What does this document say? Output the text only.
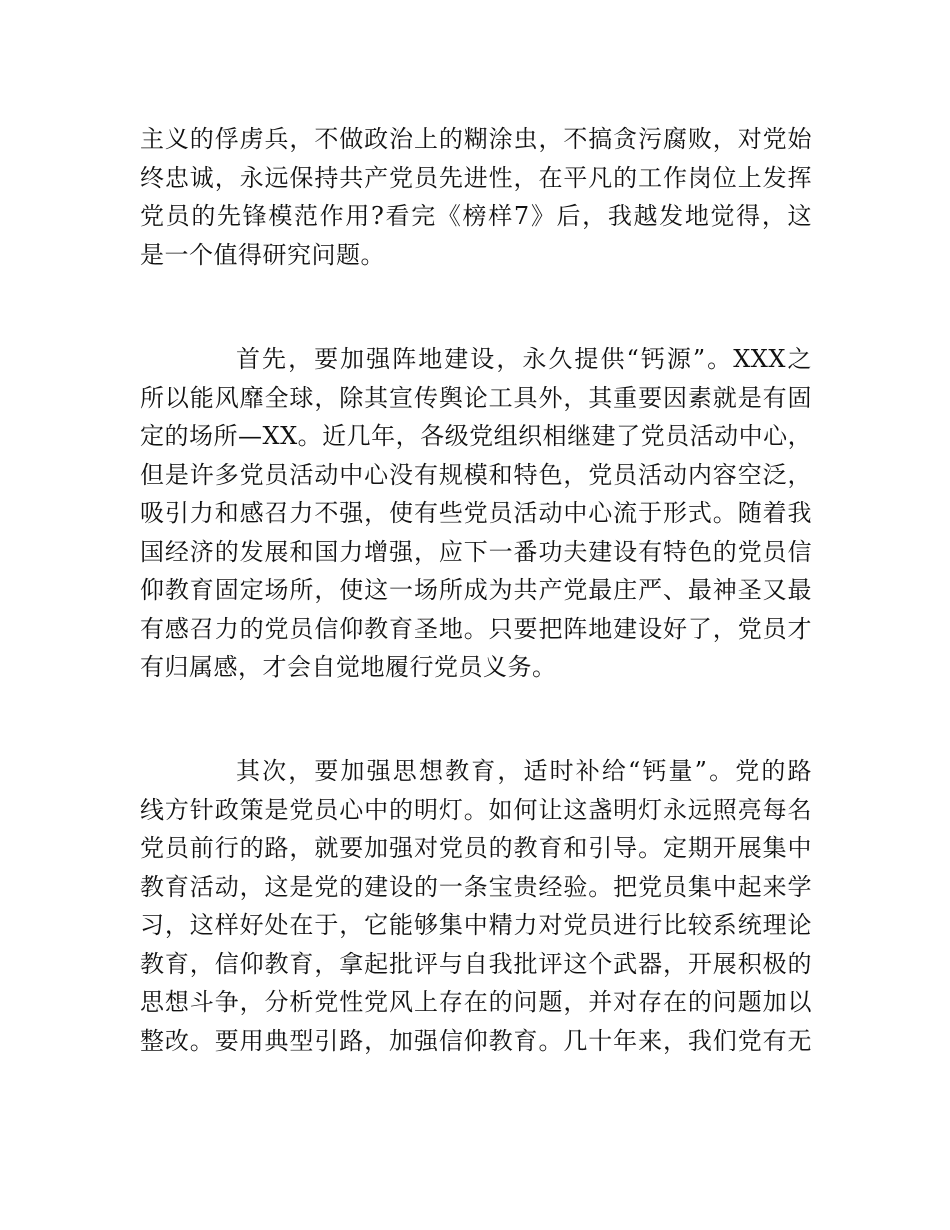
主义的俘虏兵，不做政治上的糊涂虫，不搞贪污腐败，对党始
终忠诚，永远保持共产党员先进性，在平凡的工作岗位上发挥
党员的先锋模范作用?看完《榜样7》后，我越发地觉得，这
是一个值得研究问题。
首先，要加强阵地建设，永久提供“钙源”。XXX之
所以能风靡全球，除其宣传舆论工具外，其重要因素就是有固
定的场所—XX。近几年，各级党组织相继建了党员活动中心，
但是许多党员活动中心没有规模和特色，党员活动内容空泛，
吸引力和感召力不强，使有些党员活动中心流于形式。随着我
国经济的发展和国力增强，应下一番功夫建设有特色的党员信
仰教育固定场所，使这一场所成为共产党最庄严、最神圣又最
有感召力的党员信仰教育圣地。只要把阵地建设好了，党员才
有归属感，才会自觉地履行党员义务。
其次，要加强思想教育，适时补给“钙量”。党的路
线方针政策是党员心中的明灯。如何让这盏明灯永远照亮每名
党员前行的路，就要加强对党员的教育和引导。定期开展集中
教育活动，这是党的建设的一条宝贵经验。把党员集中起来学
习，这样好处在于，它能够集中精力对党员进行比较系统理论
教育，信仰教育，拿起批评与自我批评这个武器，开展积极的
思想斗争，分析党性党风上存在的问题，并对存在的问题加以
整改。要用典型引路，加强信仰教育。几十年来，我们党有无
